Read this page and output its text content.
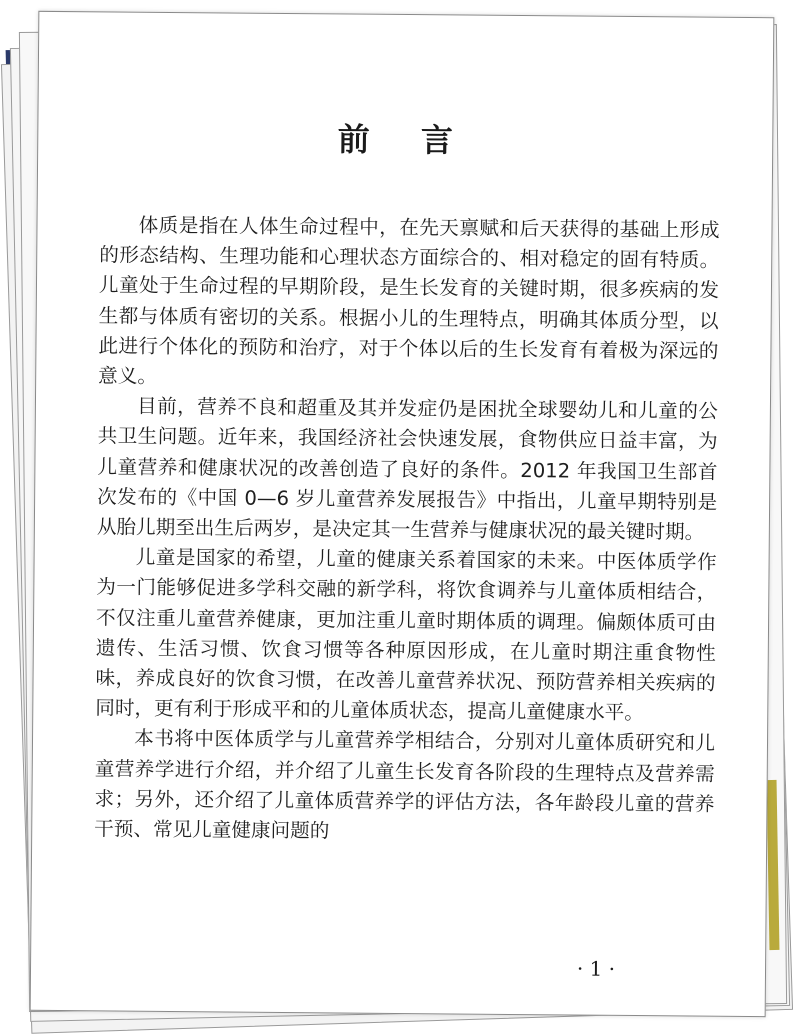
前 言

体质是指在人体生命过程中，在先天禀赋和后天获得的基础上形成的形态结构、生理功能和心理状态方面综合的、相对稳定的固有特质。儿童处于生命过程的早期阶段，是生长发育的关键时期，很多疾病的发生都与体质有密切的关系。根据小儿的生理特点，明确其体质分型，以此进行个体化的预防和治疗，对于个体以后的生长发育有着极为深远的意义。

目前，营养不良和超重及其并发症仍是困扰全球婴幼儿和儿童的公共卫生问题。近年来，我国经济社会快速发展，食物供应日益丰富，为儿童营养和健康状况的改善创造了良好的条件。2012 年我国卫生部首次发布的《中国 0—6 岁儿童营养发展报告》中指出，儿童早期特别是从胎儿期至出生后两岁，是决定其一生营养与健康状况的最关键时期。

儿童是国家的希望，儿童的健康关系着国家的未来。中医体质学作为一门能够促进多学科交融的新学科，将饮食调养与儿童体质相结合，不仅注重儿童营养健康，更加注重儿童时期体质的调理。偏颇体质可由遗传、生活习惯、饮食习惯等各种原因形成，在儿童时期注重食物性味，养成良好的饮食习惯，在改善儿童营养状况、预防营养相关疾病的同时，更有利于形成平和的儿童体质状态，提高儿童健康水平。

本书将中医体质学与儿童营养学相结合，分别对儿童体质研究和儿童营养学进行介绍，并介绍了儿童生长发育各阶段的生理特点及营养需求；另外，还介绍了儿童体质营养学的评估方法，各年龄段儿童的营养干预、常见儿童健康问题的

· 1 ·
